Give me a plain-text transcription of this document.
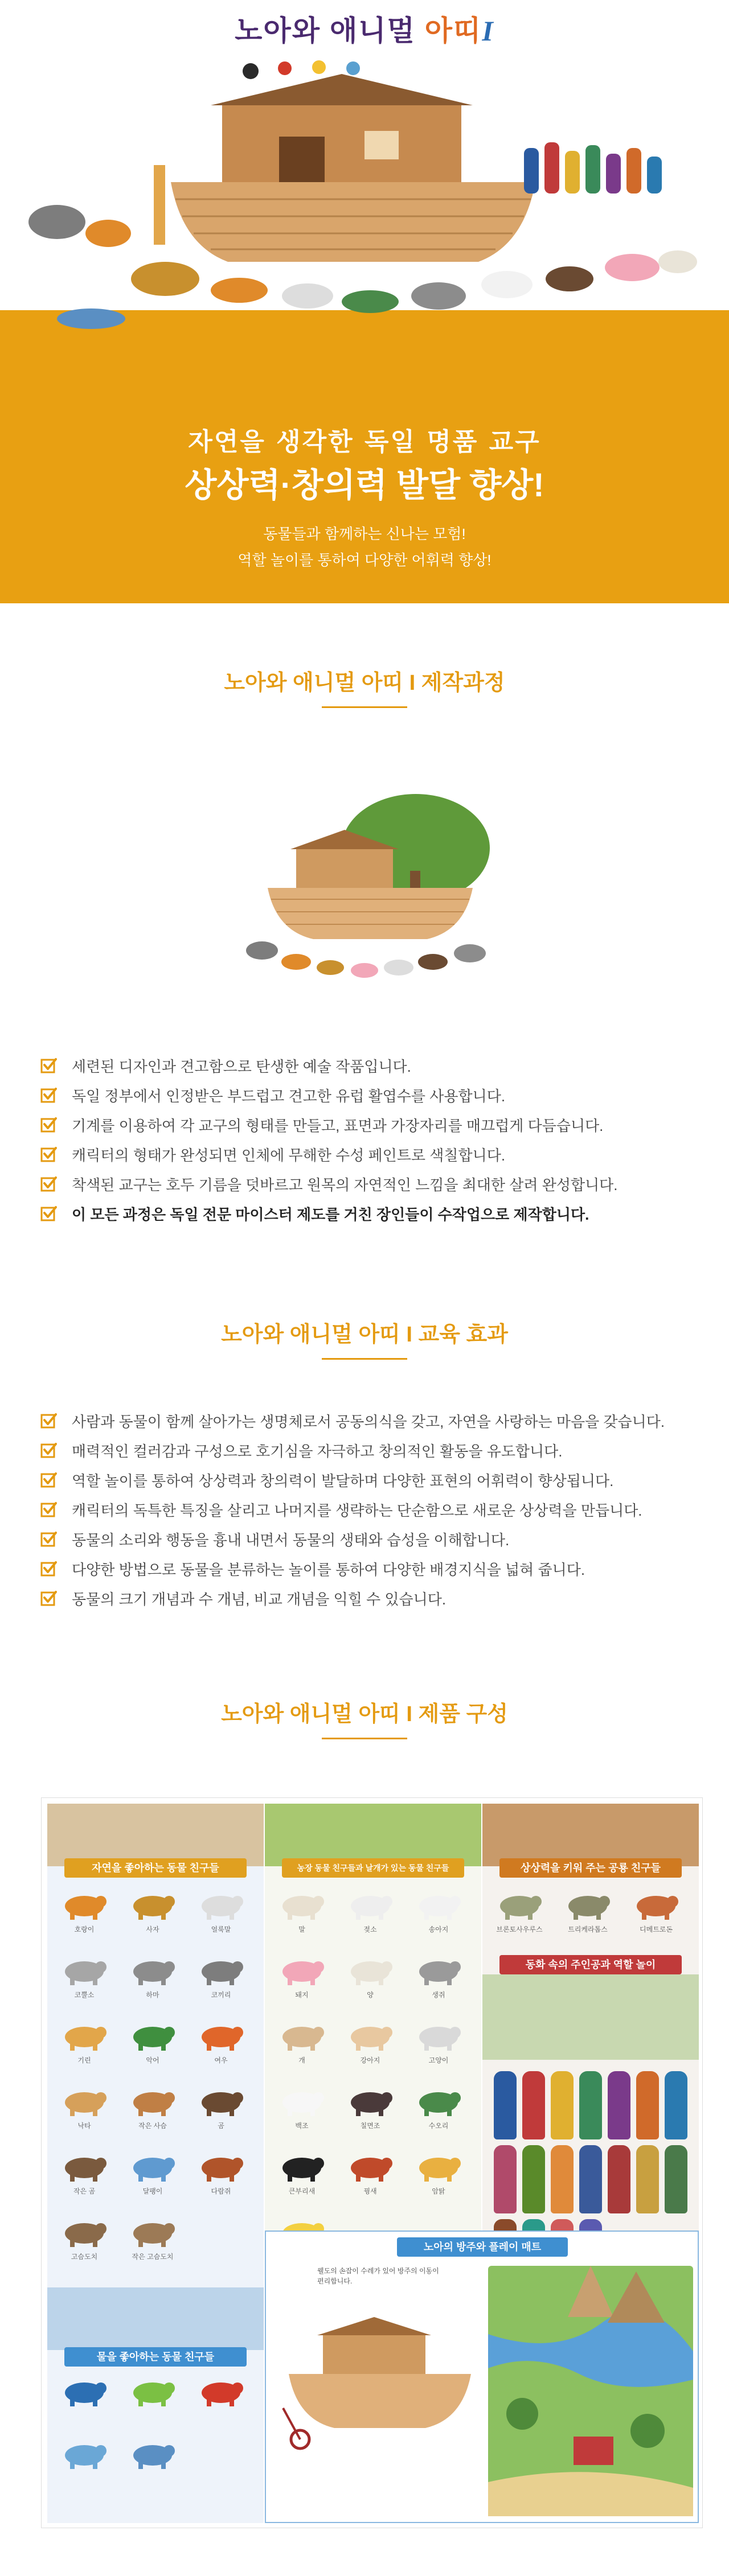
노아와 애니멀 아띠I
자연을 생각한 독일 명품 교구
상상력·창의력 발달 향상!
동물들과 함께하는 신나는 모험!
역할 놀이를 통하여 다양한 어휘력 향상!
노아와 애니멀 아띠 I 제작과정
세련된 디자인과 견고함으로 탄생한 예술 작품입니다.
독일 정부에서 인정받은 부드럽고 견고한 유럽 활엽수를 사용합니다.
기계를 이용하여 각 교구의 형태를 만들고, 표면과 가장자리를 매끄럽게 다듬습니다.
캐릭터의 형태가 완성되면 인체에 무해한 수성 페인트로 색칠합니다.
착색된 교구는 호두 기름을 덧바르고 원목의 자연적인 느낌을 최대한 살려 완성합니다.
이 모든 과정은 독일 전문 마이스터 제도를 거친 장인들이 수작업으로 제작합니다.
노아와 애니멀 아띠 I 교육 효과
사람과 동물이 함께 살아가는 생명체로서 공동의식을 갖고, 자연을 사랑하는 마음을 갖습니다.
매력적인 컬러감과 구성으로 호기심을 자극하고 창의적인 활동을 유도합니다.
역할 놀이를 통하여 상상력과 창의력이 발달하며 다양한 표현의 어휘력이 향상됩니다.
캐릭터의 독특한 특징을 살리고 나머지를 생략하는 단순함으로 새로운 상상력을 만듭니다.
동물의 소리와 행동을 흉내 내면서 동물의 생태와 습성을 이해합니다.
다양한 방법으로 동물을 분류하는 놀이를 통하여 다양한 배경지식을 넓혀 줍니다.
동물의 크기 개념과 수 개념, 비교 개념을 익힐 수 있습니다.
노아와 애니멀 아띠 I 제품 구성
자연을 좋아하는 동물 친구들
호랑이	사자	얼룩말
코뿔소	하마	코끼리
기린	악어	여우
낙타	작은 사슴	곰
작은 곰	달팽이	다람쥐
고슴도치	작은 고슴도치
물을 좋아하는 동물 친구들
농장 동물 친구들과 날개가 있는 동물 친구들
말	젖소	송아지
돼지	양	생쥐
개	강아지	고양이
백조	칠면조	수오리
큰부리새	꿩새	암탉
상상력을 키워 주는 공룡 친구들
브론토사우루스	트리케라톱스	디메트로돈
동화 속의 주인공과 역할 놀이
노아의 방주와 플레이 매트
웰도의 손잡이 수레가 있어 방주의 이동이 편리합니다.
